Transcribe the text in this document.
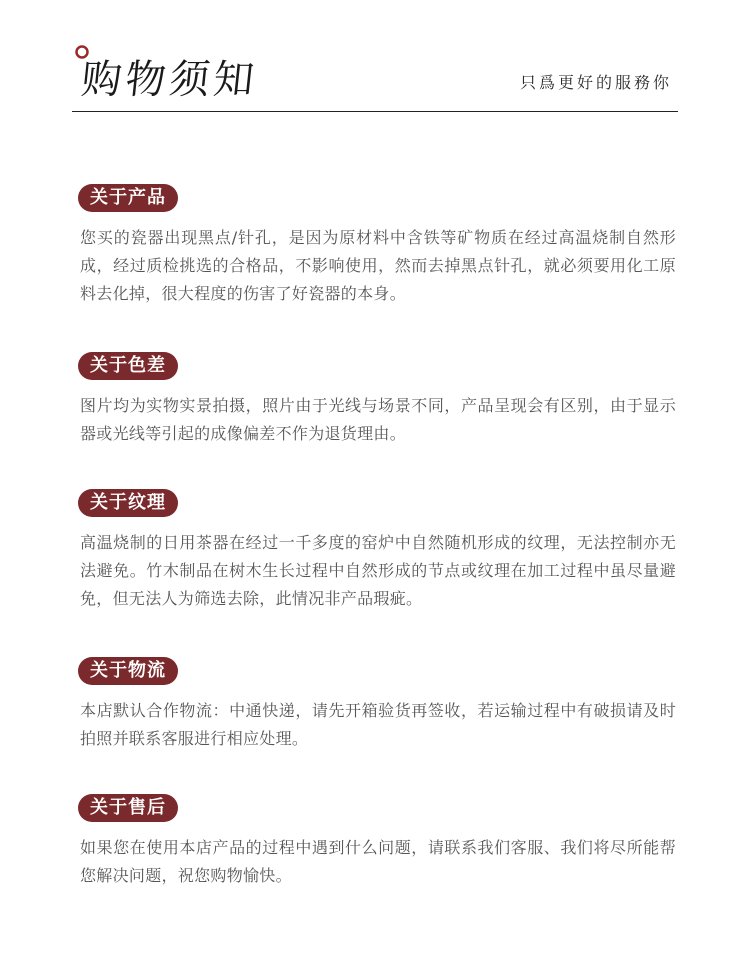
购物须知	只爲更好的服務你
关于产品
您买的瓷器出现黑点/针孔，是因为原材料中含铁等矿物质在经过高温烧制自然形成，经过质检挑选的合格品，不影响使用，然而去掉黑点针孔，就必须要用化工原料去化掉，很大程度的伤害了好瓷器的本身。
关于色差
图片均为实物实景拍摄，照片由于光线与场景不同，产品呈现会有区别，由于显示器或光线等引起的成像偏差不作为退货理由。
关于纹理
高温烧制的日用茶器在经过一千多度的窑炉中自然随机形成的纹理，无法控制亦无法避免。竹木制品在树木生长过程中自然形成的节点或纹理在加工过程中虽尽量避免，但无法人为筛选去除，此情况非产品瑕疵。
关于物流
本店默认合作物流：中通快递，请先开箱验货再签收，若运输过程中有破损请及时拍照并联系客服进行相应处理。
关于售后
如果您在使用本店产品的过程中遇到什么问题，请联系我们客服、我们将尽所能帮您解决问题，祝您购物愉快。
